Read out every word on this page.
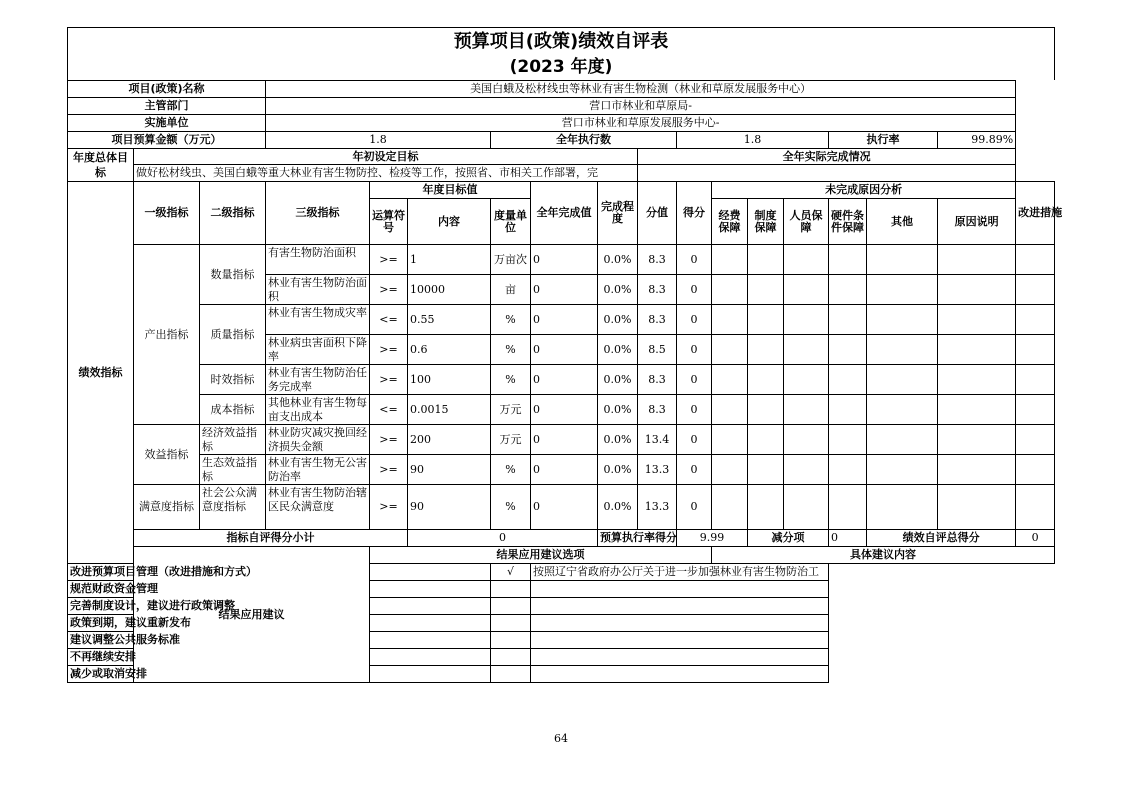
预算项目(政策)绩效自评表
(2023 年度)
项目(政策)名称			美国白蛾及松材线虫等林业有害生物检测（林业和草原发展服务中心）														
主管部门			营口市林业和草原局-														
实施单位			营口市林业和草原发展服务中心-														
项目预算金额（万元）			1.8			全年执行数				1.8				执行率		99.89%	
年度总体目标	年初设定目标								全年实际完成情况								
	做好松材线虫、美国白蛾等重大林业有害生物防控、检疫等工作，按照省、市相关工作部署，完																
绩效指标	一级指标	二级指标	三级指标	年度目标值			全年完成值	完成程度	分值	得分	未完成原因分析						改进措施
				运算符号	内容	度量单位					经费保障	制度保障	人员保障	硬件条件保障	其他	原因说明	
	产出指标	数量指标	有害生物防治面积	>=	1	万亩次	0	0.0%	8.3	0							

			林业有害生物防治面积	>=	10000	亩	0	0.0%	8.3	0							
		质量指标	林业有害生物成灾率	<=	0.55	%	0	0.0%	8.3	0							

			林业病虫害面积下降率	>=	0.6	%	0	0.0%	8.5	0							
		时效指标	林业有害生物防治任务完成率	>=	100	%	0	0.0%	8.3	0							
		成本指标	其他林业有害生物每亩支出成本	<=	0.0015	万元	0	0.0%	8.3	0							
	效益指标	经济效益指标	林业防灾减灾挽回经济损失金额	>=	200	万元	0	0.0%	13.4	0							

		生态效益指标	林业有害生物无公害防治率	>=	90	%	0	0.0%	13.3	0							
	满意度指标	社会公众满意度指标	林业有害生物防治辖区民众满意度	>=	90	%	0	0.0%	13.3	0							
	指标自评得分小计				0			预算执行率得分		9.99		减分项		0	绩效自评总得分		0
	结果应用建议			结果应用建议选项							具体建议内容						
改进预算项目管理（改进措施和方式）						√	按照辽宁省政府办公厅关于进一步加强林业有害生物防治工										
规范财政资金管理																	
完善制度设计，建议进行政策调整																	
政策到期，建议重新发布																	
建议调整公共服务标准																	
不再继续安排																	
减少或取消安排																	
64
